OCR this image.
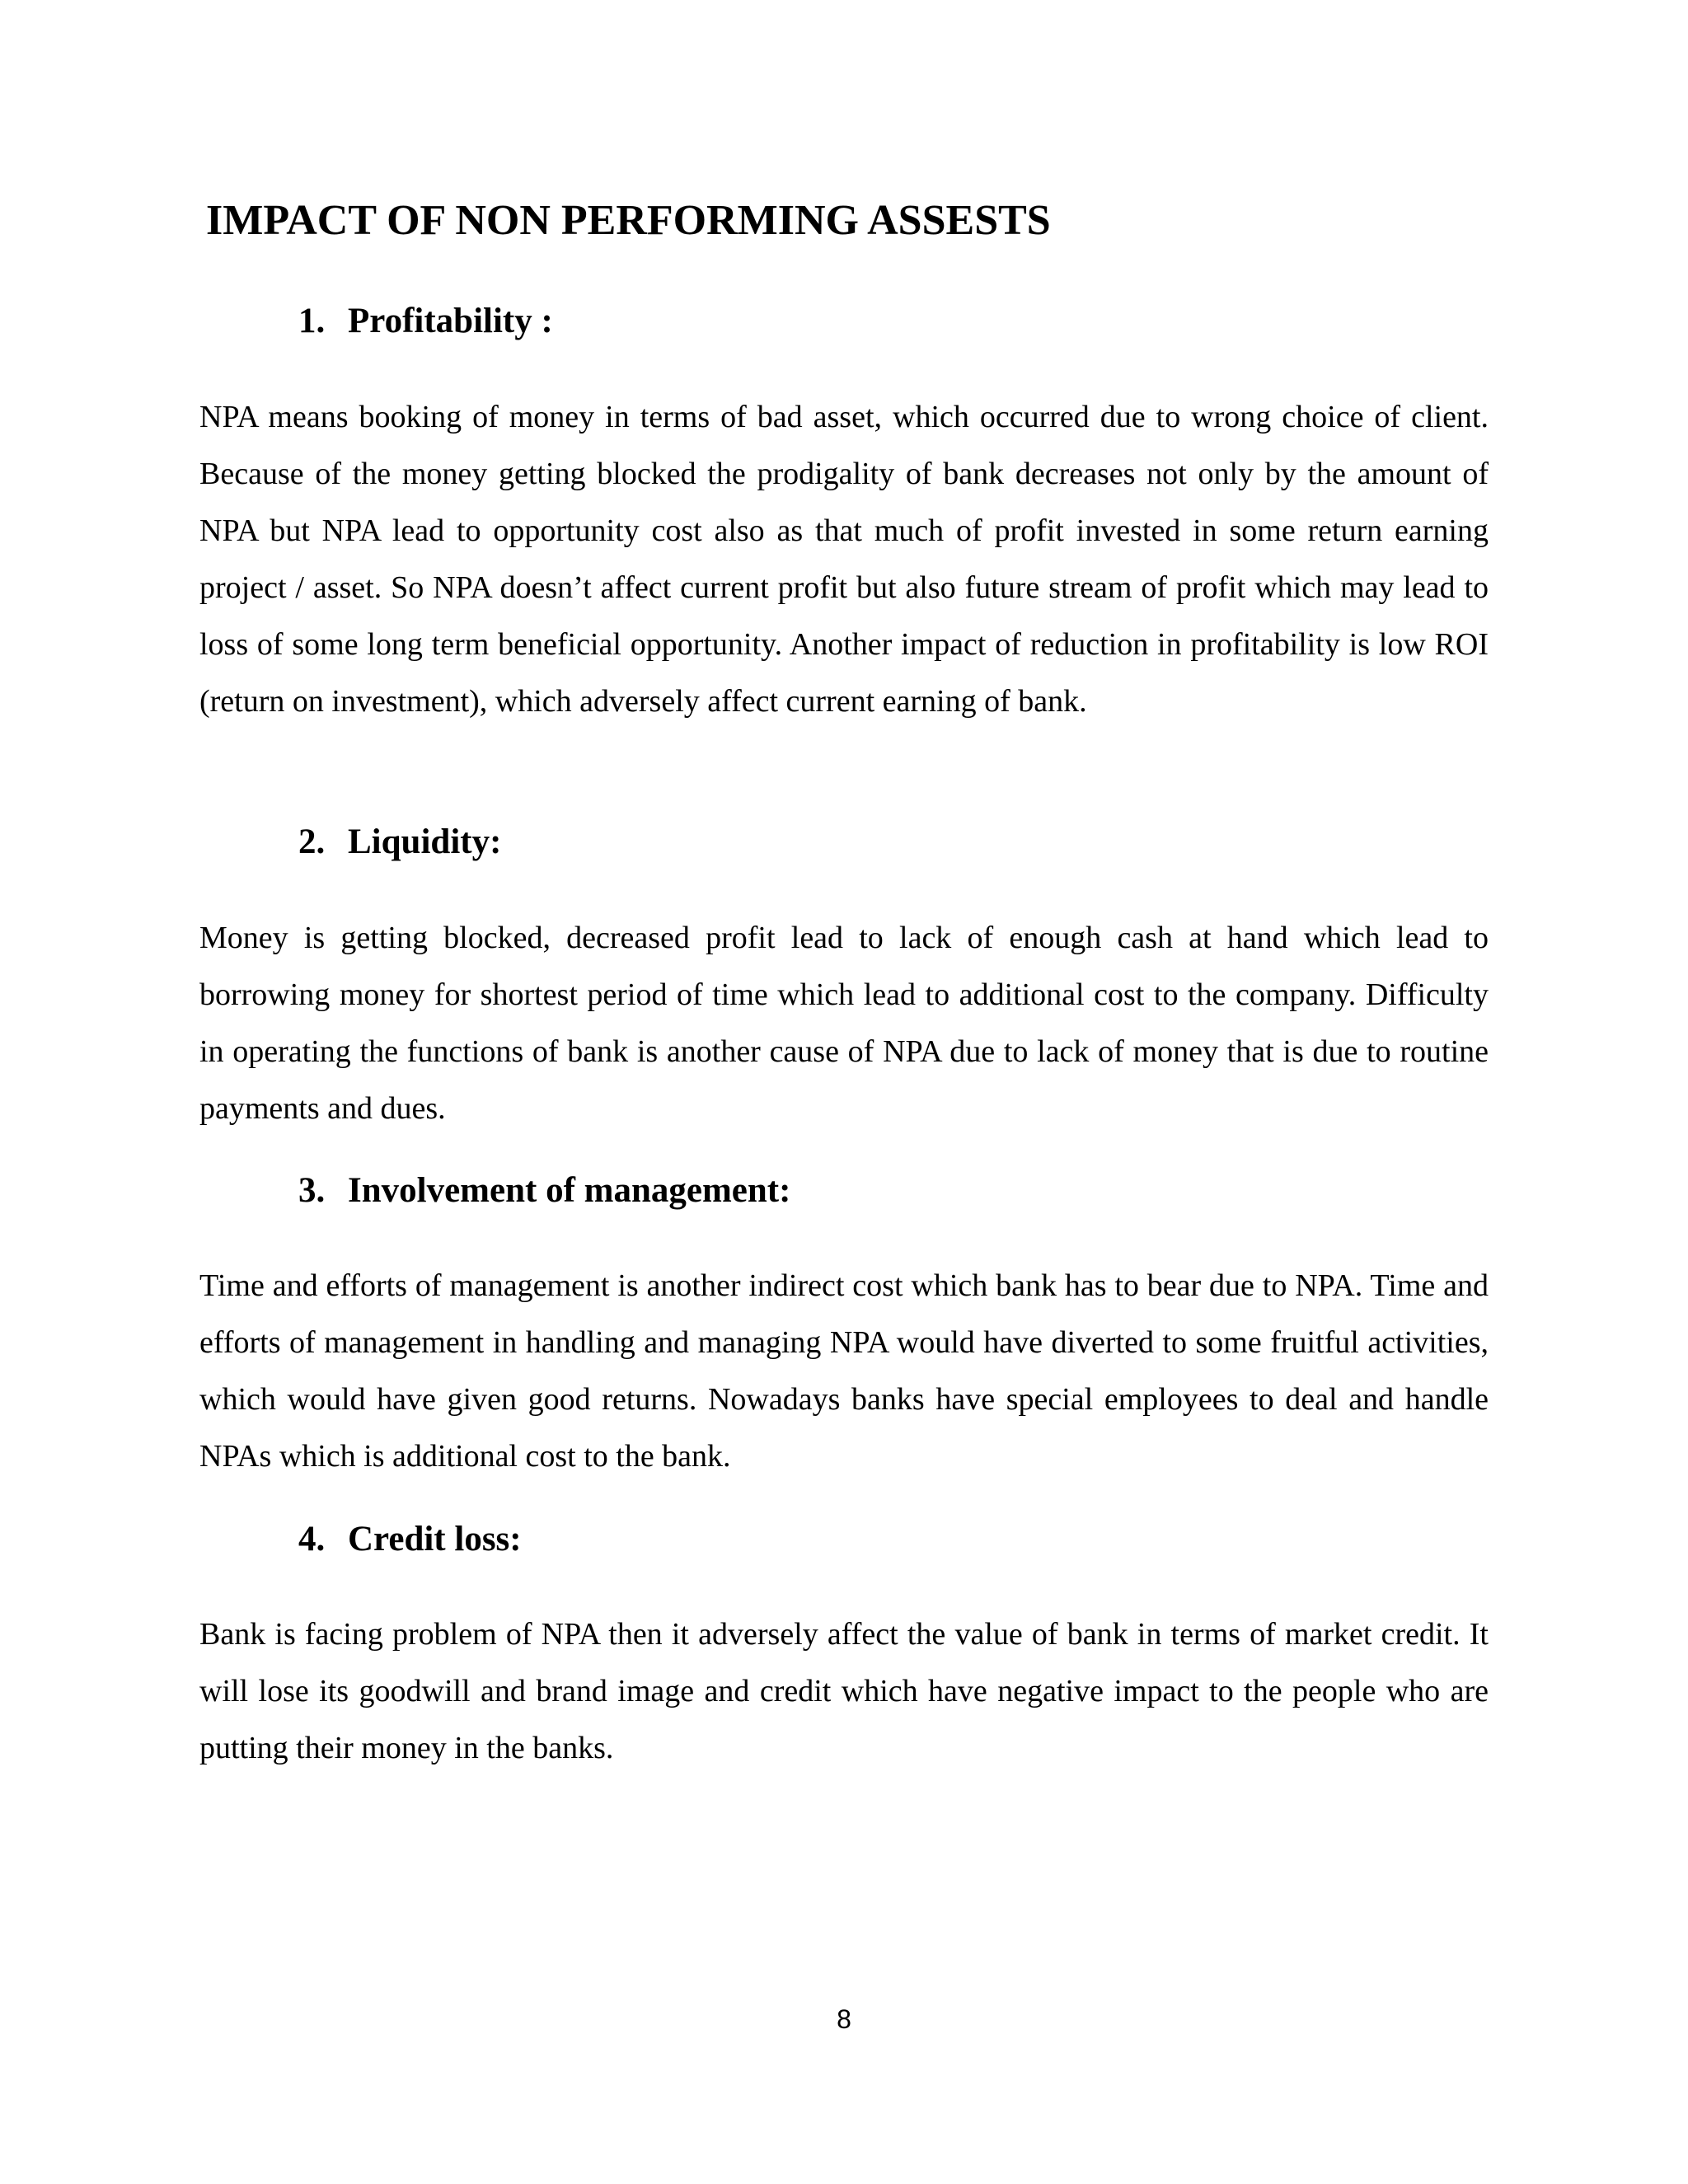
IMPACT OF NON PERFORMING ASSESTS
1. Profitability :

NPA means booking of money in terms of bad asset, which occurred due to wrong choice of client. Because of the money getting blocked the prodigality of bank decreases not only by the amount of NPA but NPA lead to opportunity cost also as that much of profit invested in some return earning project / asset. So NPA doesn’t affect current profit but also future stream of profit which may lead to loss of some long term beneficial opportunity. Another impact of reduction in profitability is low ROI (return on investment), which adversely affect current earning of bank.

2. Liquidity:

Money is getting blocked, decreased profit lead to lack of enough cash at hand which lead to borrowing money for shortest period of time which lead to additional cost to the company. Difficulty in operating the functions of bank is another cause of NPA due to lack of money that is due to routine payments and dues.

3. Involvement of management:

Time and efforts of management is another indirect cost which bank has to bear due to NPA. Time and efforts of management in handling and managing NPA would have diverted to some fruitful activities, which would have given good returns. Nowadays banks have special employees to deal and handle NPAs which is additional cost to the bank.

4. Credit loss:

Bank is facing problem of NPA then it adversely affect the value of bank in terms of market credit. It will lose its goodwill and brand image and credit which have negative impact to the people who are putting their money in the banks.

8
